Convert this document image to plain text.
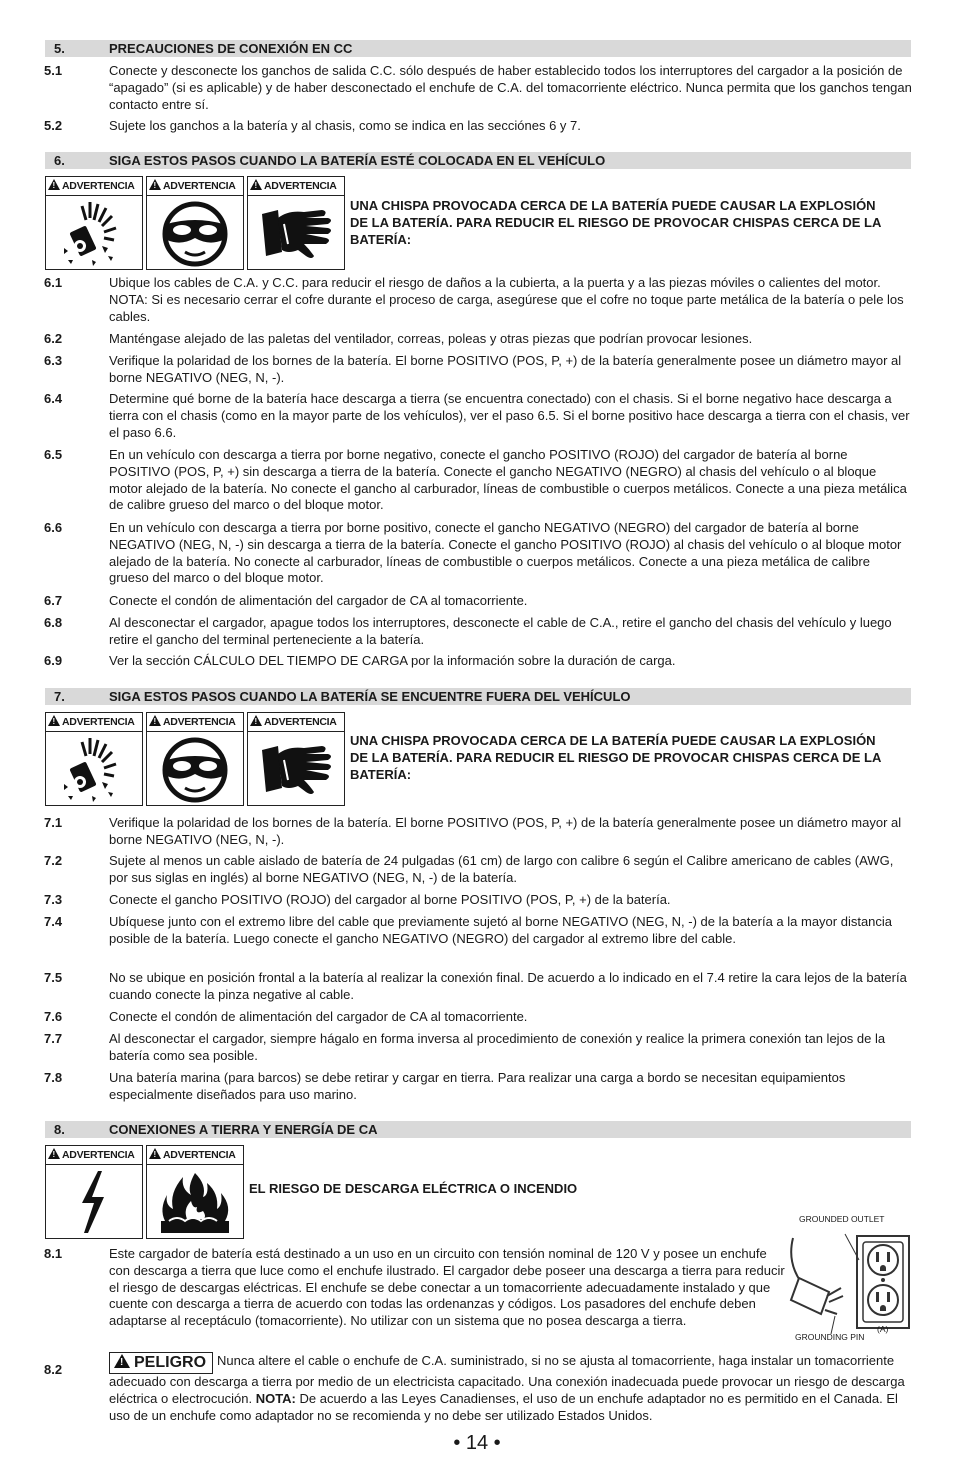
5.	PRECAUCIONES DE CONEXIÓN EN CC
5.1	Conecte y desconecte los ganchos de salida C.C. sólo después de haber establecido todos los interruptores del cargador a la posición de “apagado” (si es aplicable) y de haber desconectado el enchufe de C.A. del tomacorriente eléctrico. Nunca permita que los ganchos tengan contacto entre sí.
5.2	Sujete los ganchos a la batería y al chasis, como se indica en las secciónes 6 y 7.
6.	SIGA ESTOS PASOS CUANDO LA BATERÍA ESTÉ COLOCADA EN EL VEHÍCULO
! ADVERTENCIA	! ADVERTENCIA	! ADVERTENCIA
UNA CHISPA PROVOCADA CERCA DE LA BATERÍA PUEDE CAUSAR LA EXPLOSIÓN DE LA BATERÍA. PARA REDUCIR EL RIESGO DE PROVOCAR CHISPAS CERCA DE LA BATERÍA:
6.1	Ubique los cables de C.A. y C.C. para reducir el riesgo de daños a la cubierta, a la puerta y a las piezas móviles o calientes del motor. NOTA: Si es necesario cerrar el cofre durante el proceso de carga, asegúrese que el cofre no toque parte metálica de la batería o pele los cables.
6.2	Manténgase alejado de las paletas del ventilador, correas, poleas y otras piezas que podrían provocar lesiones.
6.3	Verifique la polaridad de los bornes de la batería. El borne POSITIVO (POS, P, +) de la batería generalmente posee un diámetro mayor al borne NEGATIVO (NEG, N, -).
6.4	Determine qué borne de la batería hace descarga a tierra (se encuentra conectado) con el chasis. Si el borne negativo hace descarga a tierra con el chasis (como en la mayor parte de los vehículos), ver el paso 6.5. Si el borne positivo hace descarga a tierra con el chasis, ver el paso 6.6.
6.5	En un vehículo con descarga a tierra por borne negativo, conecte el gancho POSITIVO (ROJO) del cargador de batería al borne POSITIVO (POS, P, +) sin descarga a tierra de la batería. Conecte el gancho NEGATIVO (NEGRO) al chasis del vehículo o al bloque motor alejado de la batería. No conecte el gancho al carburador, líneas de combustible o cuerpos metálicos. Conecte a una pieza metálica de calibre grueso del marco o del bloque motor.
6.6	En un vehículo con descarga a tierra por borne positivo, conecte el gancho NEGATIVO (NEGRO) del cargador de batería al borne NEGATIVO (NEG, N, -) sin descarga a tierra de la batería. Conecte el gancho POSITIVO (ROJO) al chasis del vehículo o al bloque motor alejado de la batería. No conecte al carburador, líneas de combustible o cuerpos metálicos. Conecte a una pieza metálica de calibre grueso del marco o del bloque motor.
6.7	Conecte el condón de alimentación del cargador de CA al tomacorriente.
6.8	Al desconectar el cargador, apague todos los interruptores, desconecte el cable de C.A., retire el gancho del chasis del vehículo y luego retire el gancho del terminal perteneciente a la batería.
6.9	Ver la sección CÁLCULO DEL TIEMPO DE CARGA por la información sobre la duración de carga.
7.	SIGA ESTOS PASOS CUANDO LA BATERÍA SE ENCUENTRE FUERA DEL VEHÍCULO
! ADVERTENCIA	! ADVERTENCIA	! ADVERTENCIA
UNA CHISPA PROVOCADA CERCA DE LA BATERÍA PUEDE CAUSAR LA EXPLOSIÓN DE LA BATERÍA. PARA REDUCIR EL RIESGO DE PROVOCAR CHISPAS CERCA DE LA BATERÍA:
7.1	Verifique la polaridad de los bornes de la batería. El borne POSITIVO (POS, P, +) de la batería generalmente posee un diámetro mayor al borne NEGATIVO (NEG, N, -).
7.2	Sujete al menos un cable aislado de batería de 24 pulgadas (61 cm) de largo con calibre 6 según el Calibre americano de cables (AWG, por sus siglas en inglés) al borne NEGATIVO (NEG, N, -) de la batería.
7.3	Conecte el gancho POSITIVO (ROJO) del cargador al borne POSITIVO (POS, P, +) de la batería.
7.4	Ubíquese junto con el extremo libre del cable que previamente sujetó al borne NEGATIVO (NEG, N, -) de la batería a la mayor distancia posible de la batería. Luego conecte el gancho NEGATIVO (NEGRO) del cargador al extremo libre del cable.
7.5	No se ubique en posición frontal a la batería al realizar la conexión final. De acuerdo a lo indicado en el 7.4 retire la cara lejos de la batería cuando conecte la pinza negative al cable.
7.6	Conecte el condón de alimentación del cargador de CA al tomacorriente.
7.7	Al desconectar el cargador, siempre hágalo en forma inversa al procedimiento de conexión y realice la primera conexión tan lejos de la batería como sea posible.
7.8	Una batería marina (para barcos) se debe retirar y cargar en tierra. Para realizar una carga a bordo se necesitan equipamientos especialmente diseñados para uso marino.
8.	CONEXIONES A TIERRA Y ENERGÍA DE CA
! ADVERTENCIA	! ADVERTENCIA
EL RIESGO DE DESCARGA ELÉCTRICA O INCENDIO
GROUNDED OUTLET
GROUNDING PIN
(A)
8.1	Este cargador de batería está destinado a un uso en un circuito con tensión nominal de 120 V y posee un enchufe con descarga a tierra que luce como el enchufe ilustrado. El cargador debe poseer una descarga a tierra para reducir el riesgo de descargas eléctricas. El enchufe se debe conectar a un tomacorriente adecuadamente instalado y que cuente con descarga a tierra de acuerdo con todas las ordenanzas y códigos. Los pasadores del enchufe deben adaptarse al receptáculo (tomacorriente). No utilizar con un sistema que no posea descarga a tierra.
8.2	! PELIGRO Nunca altere el cable o enchufe de C.A. suministrado, si no se ajusta al tomacorriente, haga instalar un tomacorriente adecuado con descarga a tierra por medio de un electricista capacitado. Una conexión inadecuada puede provocar un riesgo de descarga eléctrica o electrocución. NOTA: De acuerdo a las Leyes Canadienses, el uso de un enchufe adaptador no es permitido en el Canada. El uso de un enchufe como adaptador no se recomienda y no debe ser utilizado Estados Unidos.
• 14 •
